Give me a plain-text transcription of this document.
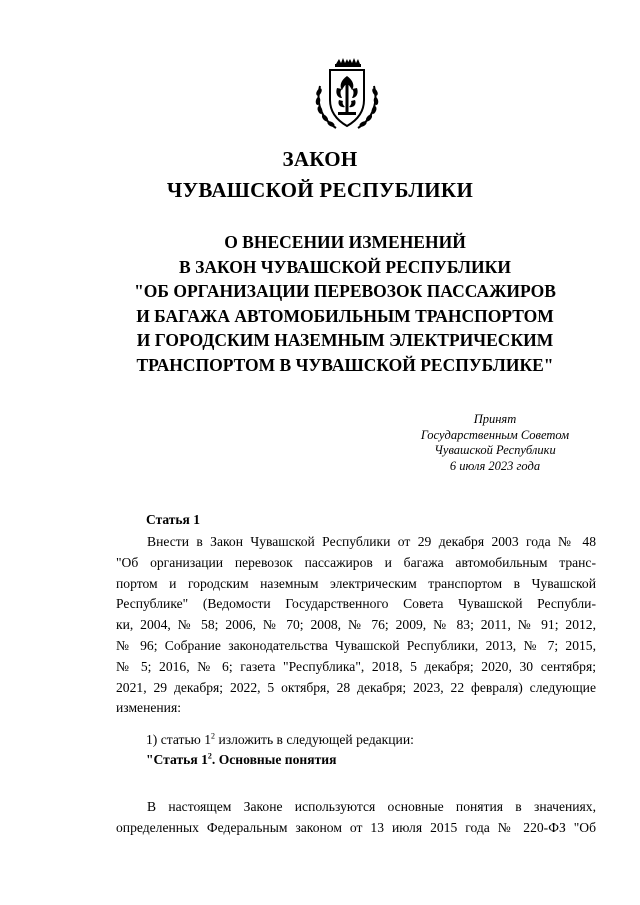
ЗАКОН
ЧУВАШСКОЙ РЕСПУБЛИКИ
О ВНЕСЕНИИ ИЗМЕНЕНИЙ
В ЗАКОН ЧУВАШСКОЙ РЕСПУБЛИКИ
"ОБ ОРГАНИЗАЦИИ ПЕРЕВОЗОК ПАССАЖИРОВ
И БАГАЖА АВТОМОБИЛЬНЫМ ТРАНСПОРТОМ
И ГОРОДСКИМ НАЗЕМНЫМ ЭЛЕКТРИЧЕСКИМ
ТРАНСПОРТОМ В ЧУВАШСКОЙ РЕСПУБЛИКЕ"
Принят
Государственным Советом
Чувашской Республики
6 июля 2023 года
Статья 1
Внести в Закон Чувашской Республики от 29 декабря 2003 года № 48
"Об организации перевозок пассажиров и багажа автомобильным транс-
портом и городским наземным электрическим транспортом в Чувашской
Республике" (Ведомости Государственного Совета Чувашской Республи-
ки, 2004, № 58; 2006, № 70; 2008, № 76; 2009, № 83; 2011, № 91; 2012,
№ 96; Собрание законодательства Чувашской Республики, 2013, № 7; 2015,
№ 5; 2016, № 6; газета "Республика", 2018, 5 декабря; 2020, 30 сентября;
2021, 29 декабря; 2022, 5 октября, 28 декабря; 2023, 22 февраля) следующие
изменения:
1) статью $1^2$ изложить в следующей редакции:
"Статья $1^2$. Основные понятия
В настоящем Законе используются основные понятия в значениях,
определенных Федеральным законом от 13 июля 2015 года № 220-ФЗ "Об
